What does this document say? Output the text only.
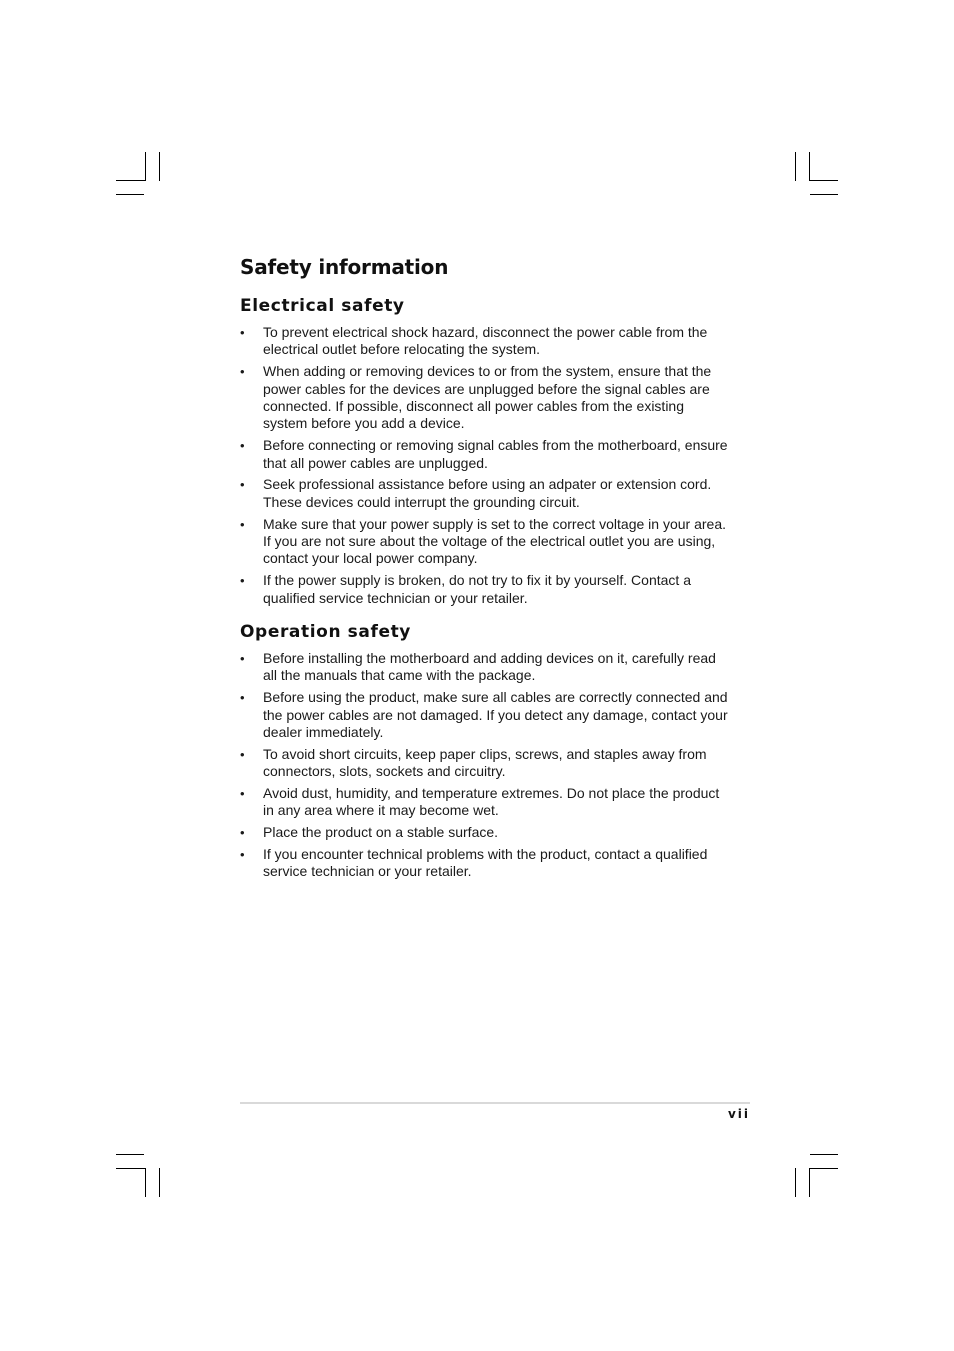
Safety information
Electrical safety
• To prevent electrical shock hazard, disconnect the power cable from the electrical outlet before relocating the system.
• When adding or removing devices to or from the system, ensure that the power cables for the devices are unplugged before the signal cables are connected. If possible, disconnect all power cables from the existing system before you add a device.
• Before connecting or removing signal cables from the motherboard, ensure that all power cables are unplugged.
• Seek professional assistance before using an adpater or extension cord. These devices could interrupt the grounding circuit.
• Make sure that your power supply is set to the correct voltage in your area. If you are not sure about the voltage of the electrical outlet you are using, contact your local power company.
• If the power supply is broken, do not try to fix it by yourself. Contact a qualified service technician or your retailer.
Operation safety
• Before installing the motherboard and adding devices on it, carefully read all the manuals that came with the package.
• Before using the product, make sure all cables are correctly connected and the power cables are not damaged. If you detect any damage, contact your dealer immediately.
• To avoid short circuits, keep paper clips, screws, and staples away from connectors, slots, sockets and circuitry.
• Avoid dust, humidity, and temperature extremes. Do not place the product in any area where it may become wet.
• Place the product on a stable surface.
• If you encounter technical problems with the product, contact a qualified service technician or your retailer.
vii
